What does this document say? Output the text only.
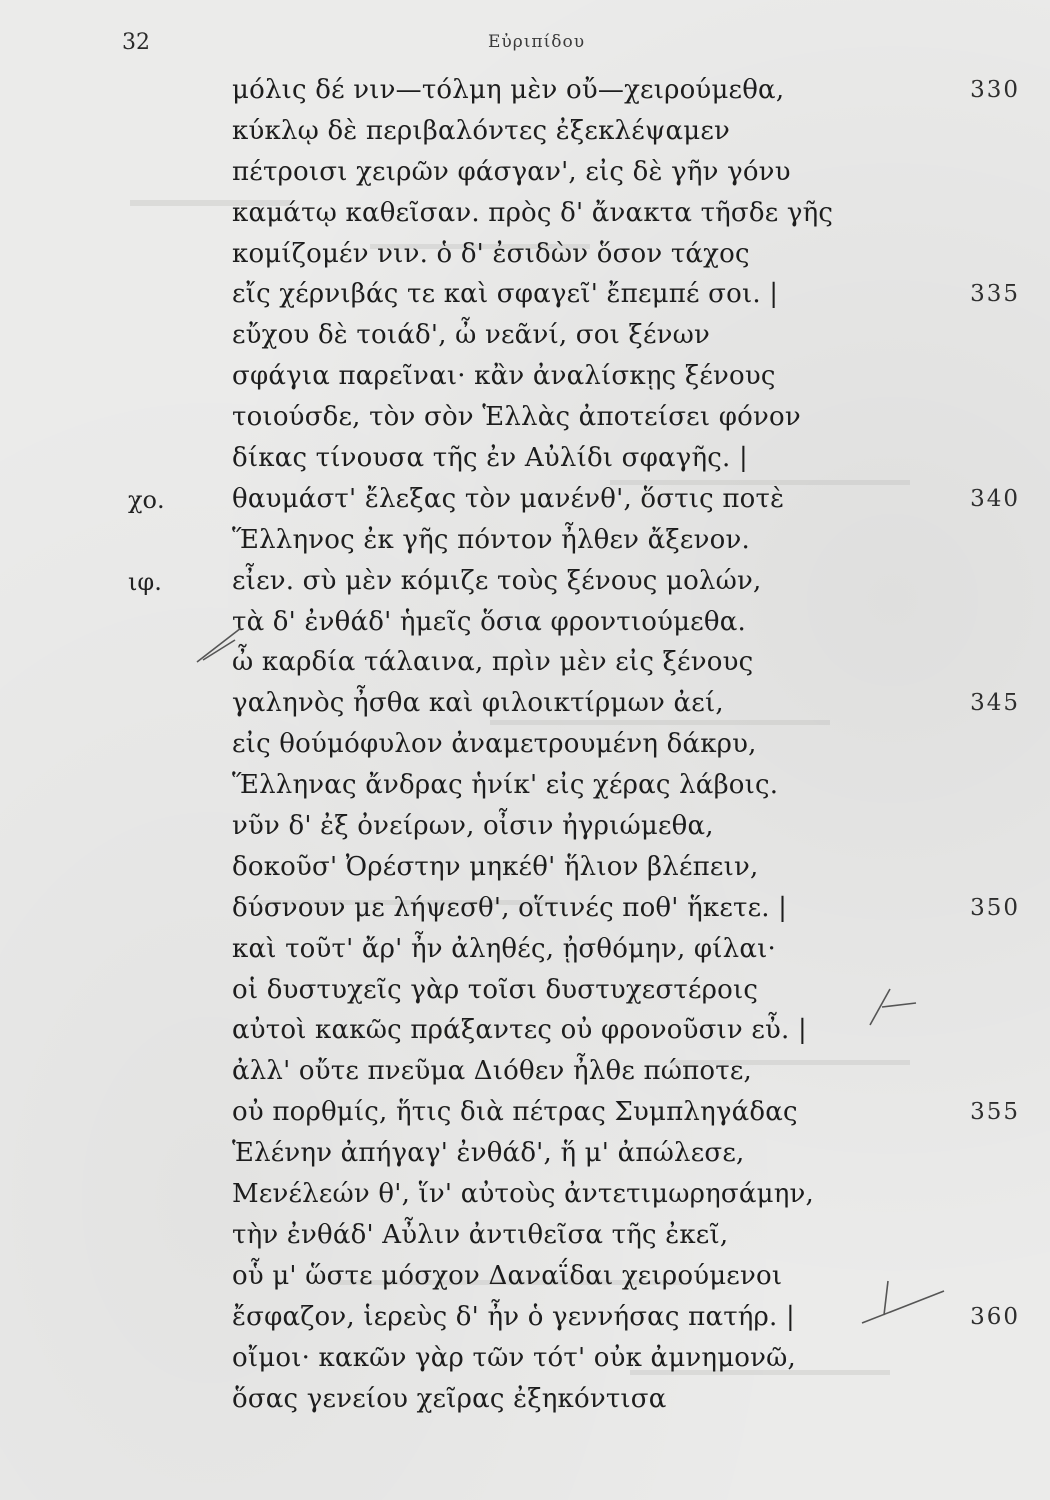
32	Εὐριπίδου
μόλις δέ νιν—τόλμη μὲν οὔ—χειρούμεθα,	330
κύκλῳ δὲ περιβαλόντες ἐξεκλέψαμεν
πέτροισι χειρῶν φάσγαν', εἰς δὲ γῆν γόνυ
καμάτῳ καθεῖσαν. πρὸς δ' ἄνακτα τῆσδε γῆς
κομίζομέν νιν. ὁ δ' ἐσιδὼν ὅσον τάχος
εἴς χέρνιβάς τε καὶ σφαγεῖ' ἔπεμπέ σοι. |	335
εὔχου δὲ τοιάδ', ὦ νεᾶνί, σοι ξένων
σφάγια παρεῖναι· κἂν ἀναλίσκῃς ξένους
τοιούσδε, τὸν σὸν Ἑλλὰς ἀποτείσει φόνον
δίκας τίνουσα τῆς ἐν Αὐλίδι σφαγῆς. |
χο.	θαυμάστ' ἔλεξας τὸν μανένθ', ὅστις ποτὲ	340
Ἕλληνος ἐκ γῆς πόντον ἦλθεν ἄξενον.
ιφ.	εἶεν. σὺ μὲν κόμιζε τοὺς ξένους μολών,
τὰ δ' ἐνθάδ' ἡμεῖς ὅσια φροντιούμεθα.
ὦ καρδία τάλαινα, πρὶν μὲν εἰς ξένους
γαληνὸς ἦσθα καὶ φιλοικτίρμων ἀεί,	345
εἰς θούμόφυλον ἀναμετρουμένη δάκρυ,
Ἕλληνας ἄνδρας ἡνίκ' εἰς χέρας λάβοις.
νῦν δ' ἐξ ὀνείρων, οἶσιν ἠγριώμεθα,
δοκοῦσ' Ὀρέστην μηκέθ' ἥλιον βλέπειν,
δύσνουν με λήψεσθ', οἵτινές ποθ' ἥκετε. |	350
καὶ τοῦτ' ἄρ' ἦν ἀληθές, ᾐσθόμην, φίλαι·
οἱ δυστυχεῖς γὰρ τοῖσι δυστυχεστέροις
αὐτοὶ κακῶς πράξαντες οὐ φρονοῦσιν εὖ. |
ἀλλ' οὔτε πνεῦμα Διόθεν ἦλθε πώποτε,
οὐ πορθμίς, ἥτις διὰ πέτρας Συμπληγάδας	355
Ἑλένην ἀπήγαγ' ἐνθάδ', ἥ μ' ἀπώλεσε,
Μενέλεών θ', ἵν' αὐτοὺς ἀντετιμωρησάμην,
τὴν ἐνθάδ' Αὖλιν ἀντιθεῖσα τῆς ἐκεῖ,
οὗ μ' ὥστε μόσχον Δαναΐδαι χειρούμενοι
ἔσφαζον, ἱερεὺς δ' ἦν ὁ γεννήσας πατήρ. |	360
οἴμοι· κακῶν γὰρ τῶν τότ' οὐκ ἀμνημονῶ,
ὅσας γενείου χεῖρας ἐξηκόντισα
